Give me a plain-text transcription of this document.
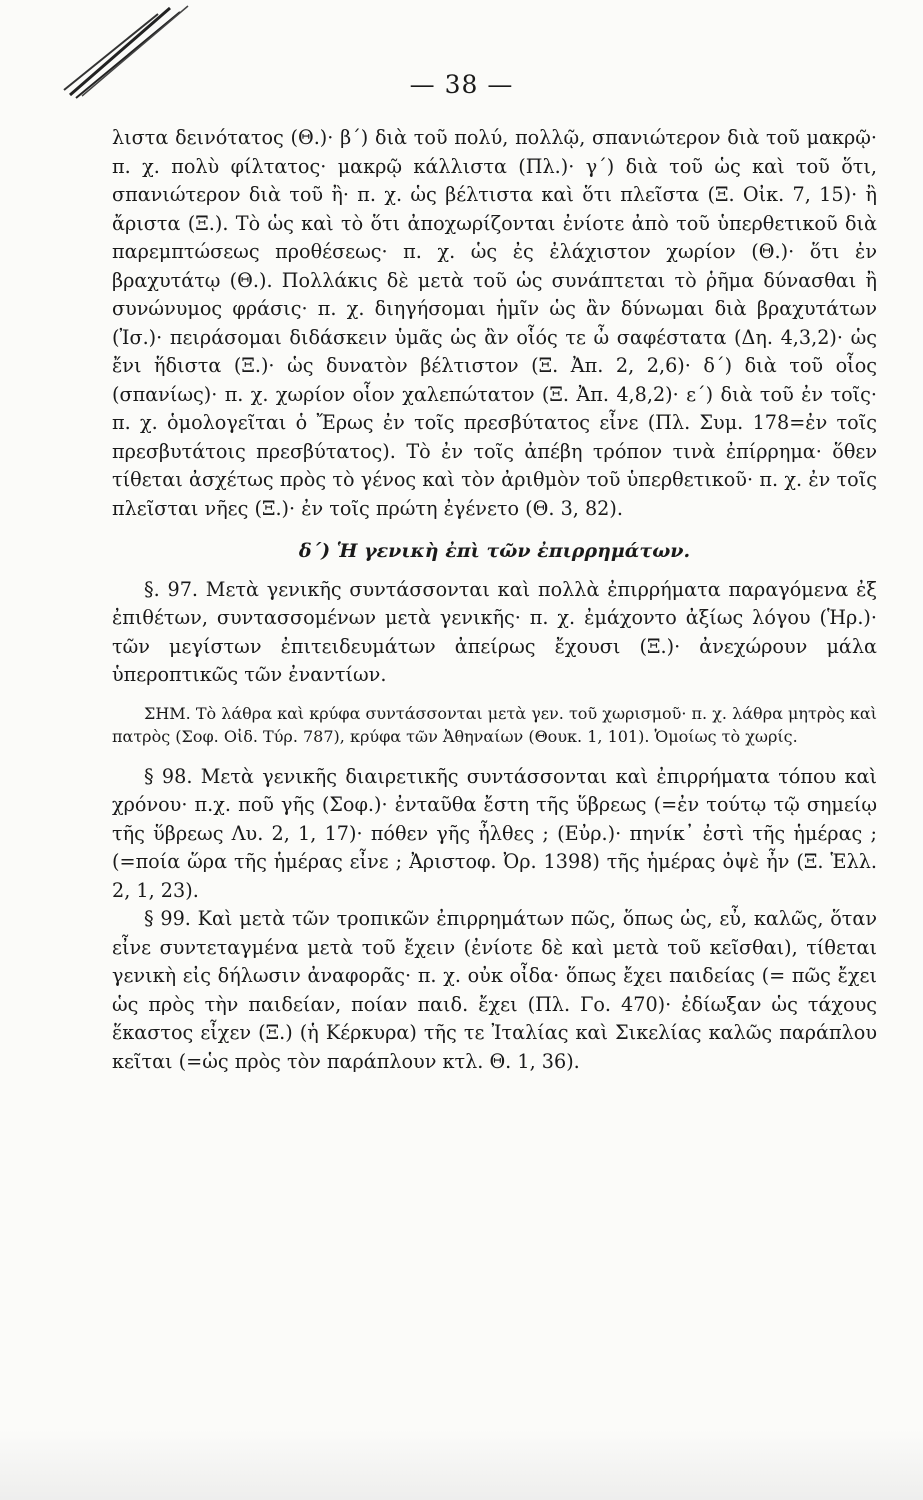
— 38 —

λιστα δεινότατος (Θ.)· β΄) διὰ τοῦ πολύ, πολλῷ, σπανιώτερον διὰ τοῦ μακρῷ· π. χ. πολὺ φίλτατος· μακρῷ κάλλιστα (Πλ.)· γ΄) διὰ τοῦ ὡς καὶ τοῦ ὅτι, σπανιώτερον διὰ τοῦ ἢ· π. χ. ὡς βέλτιστα καὶ ὅτι πλεῖστα (Ξ. Οἰκ. 7, 15)· ἢ ἄριστα (Ξ.). Τὸ ὡς καὶ τὸ ὅτι ἀποχωρίζονται ἐνίοτε ἀπὸ τοῦ ὑπερθετικοῦ διὰ παρεμπτώσεως προθέσεως· π. χ. ὡς ἐς ἐλάχιστον χωρίον (Θ.)· ὅτι ἐν βραχυτάτῳ (Θ.). Πολλάκις δὲ μετὰ τοῦ ὡς συνάπτεται τὸ ῥῆμα δύνασθαι ἢ συνώνυμος φράσις· π. χ. διηγήσομαι ἡμῖν ὡς ἂν δύνωμαι διὰ βραχυτάτων (Ἰσ.)· πειράσομαι διδάσκειν ὑμᾶς ὡς ἂν οἷός τε ὦ σαφέστατα (Δη. 4,3,2)· ὡς ἔνι ἥδιστα (Ξ.)· ὡς δυνατὸν βέλτιστον (Ξ. Ἀπ. 2, 2,6)· δ΄) διὰ τοῦ οἷος (σπανίως)· π. χ. χωρίον οἷον χαλεπώτατον (Ξ. Ἀπ. 4,8,2)· ε΄) διὰ τοῦ ἐν τοῖς· π. χ. ὁμολογεῖται ὁ Ἔρως ἐν τοῖς πρεσβύτατος εἶνε (Πλ. Συμ. 178=ἐν τοῖς πρεσβυτάτοις πρεσβύτατος). Τὸ ἐν τοῖς ἀπέβη τρόπον τινὰ ἐπίρρημα· ὅθεν τίθεται ἀσχέτως πρὸς τὸ γένος καὶ τὸν ἀριθμὸν τοῦ ὑπερθετικοῦ· π. χ. ἐν τοῖς πλεῖσται νῆες (Ξ.)· ἐν τοῖς πρώτη ἐγένετο (Θ. 3, 82).

δ΄) Ἡ γενικὴ ἐπὶ τῶν ἐπιρρημάτων.

§. 97. Μετὰ γενικῆς συντάσσονται καὶ πολλὰ ἐπιρρήματα παραγόμενα ἐξ ἐπιθέτων, συντασσομένων μετὰ γενικῆς· π. χ. ἐμάχοντο ἀξίως λόγου (Ἡρ.)· τῶν μεγίστων ἐπιτειδευμάτων ἀπείρως ἔχουσι (Ξ.)· ἀνεχώρουν μάλα ὑπεροπτικῶς τῶν ἐναντίων.

ΣΗΜ. Τὸ λάθρα καὶ κρύφα συντάσσονται μετὰ γεν. τοῦ χωρισμοῦ· π. χ. λάθρα μητρὸς καὶ πατρὸς (Σοφ. Οἰδ. Τύρ. 787), κρύφα τῶν Ἀθηναίων (Θουκ. 1, 101). Ὁμοίως τὸ χωρίς.

§ 98. Μετὰ γενικῆς διαιρετικῆς συντάσσονται καὶ ἐπιρρήματα τόπου καὶ χρόνου· π.χ. ποῦ γῆς (Σοφ.)· ἐνταῦθα ἔστη τῆς ὕβρεως (=ἐν τούτῳ τῷ σημείῳ τῆς ὕβρεως Λυ. 2, 1, 17)· πόθεν γῆς ἦλθες ; (Εὐρ.)· πηνίκ᾽ ἐστὶ τῆς ἡμέρας ; (=ποία ὥρα τῆς ἡμέρας εἶνε ; Ἀριστοφ. Ὀρ. 1398) τῆς ἡμέρας ὀψὲ ἦν (Ξ. Ἑλλ. 2, 1, 23).

§ 99. Καὶ μετὰ τῶν τροπικῶν ἐπιρρημάτων πῶς, ὅπως ὡς, εὖ, καλῶς, ὅταν εἶνε συντεταγμένα μετὰ τοῦ ἔχειν (ἐνίοτε δὲ καὶ μετὰ τοῦ κεῖσθαι), τίθεται γενικὴ εἰς δήλωσιν ἀναφορᾶς· π. χ. οὐκ οἶδα· ὅπως ἔχει παιδείας (= πῶς ἔχει ὡς πρὸς τὴν παιδείαν, ποίαν παιδ. ἔχει (Πλ. Γο. 470)· ἐδίωξαν ὡς τάχους ἕκαστος εἶχεν (Ξ.) (ἡ Κέρκυρα) τῆς τε Ἰταλίας καὶ Σικελίας καλῶς παράπλου κεῖται (=ὡς πρὸς τὸν παράπλουν κτλ. Θ. 1, 36).
